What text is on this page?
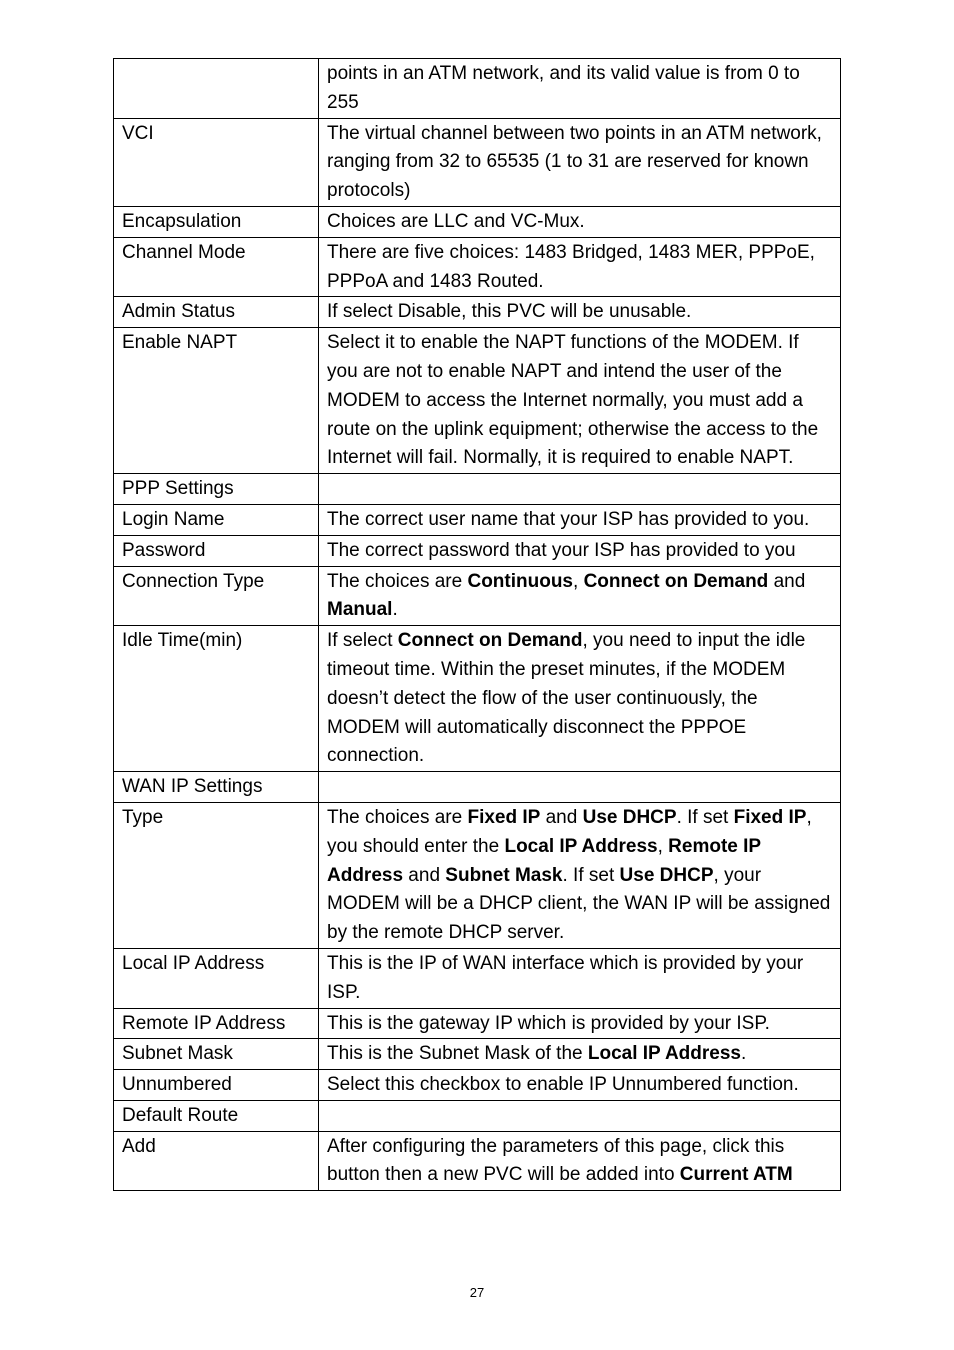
	points in an ATM network, and its valid value is from 0 to 255
VCI	The virtual channel between two points in an ATM network, ranging from 32 to 65535 (1 to 31 are reserved for known protocols)
Encapsulation	Choices are LLC and VC-Mux.
Channel Mode	There are five choices: 1483 Bridged, 1483 MER, PPPoE, PPPoA and 1483 Routed.
Admin Status	If select Disable, this PVC will be unusable.
Enable NAPT	Select it to enable the NAPT functions of the MODEM. If you are not to enable NAPT and intend the user of the MODEM to access the Internet normally, you must add a route on the uplink equipment; otherwise the access to the Internet will fail. Normally, it is required to enable NAPT.
PPP Settings	
Login Name	The correct user name that your ISP has provided to you.
Password	The correct password that your ISP has provided to you
Connection Type	The choices are Continuous, Connect on Demand and Manual.
Idle Time(min)	If select Connect on Demand, you need to input the idle timeout time. Within the preset minutes, if the MODEM doesn’t detect the flow of the user continuously, the MODEM will automatically disconnect the PPPOE connection.
WAN IP Settings	
Type	The choices are Fixed IP and Use DHCP. If set Fixed IP, you should enter the Local IP Address, Remote IP Address and Subnet Mask. If set Use DHCP, your MODEM will be a DHCP client, the WAN IP will be assigned by the remote DHCP server.
Local IP Address	This is the IP of WAN interface which is provided by your ISP.
Remote IP Address	This is the gateway IP which is provided by your ISP.
Subnet Mask	This is the Subnet Mask of the Local IP Address.
Unnumbered	Select this checkbox to enable IP Unnumbered function.
Default Route	
Add	After configuring the parameters of this page, click this button then a new PVC will be added into Current ATM
27
